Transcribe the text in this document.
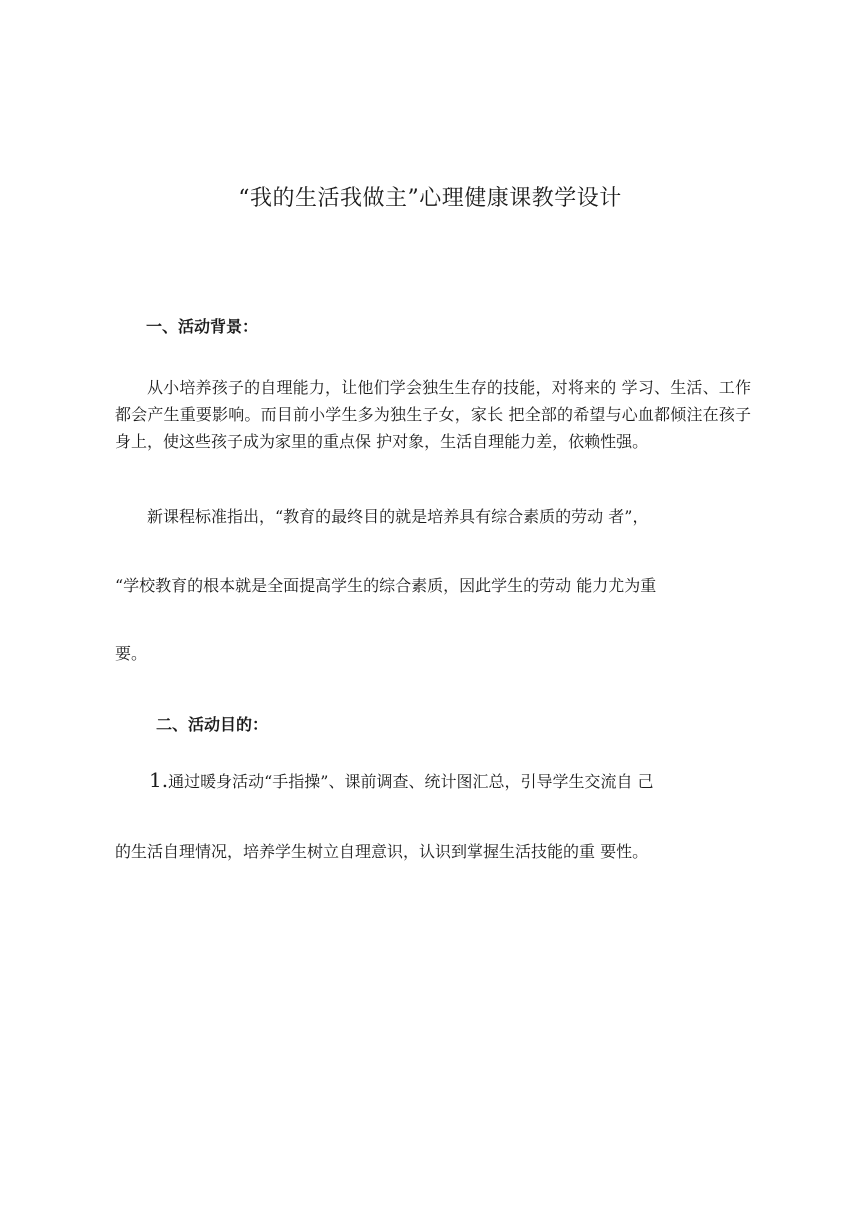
“我的生活我做主”心理健康课教学设计
一、活动背景：

从小培养孩子的自理能力，让他们学会独生生存的技能，对将来的 学习、生活、工作都会产生重要影响。而目前小学生多为独生子女，家长 把全部的希望与心血都倾注在孩子身上，使这些孩子成为家里的重点保 护对象，生活自理能力差，依赖性强。

新课程标准指出，“教育的最终目的就是培养具有综合素质的劳动 者”，

“学校教育的根本就是全面提高学生的综合素质，因此学生的劳动 能力尤为重

要。

二、活动目的：

1.通过暖身活动“手指操”、课前调查、统计图汇总，引导学生交流自 己

的生活自理情况，培养学生树立自理意识，认识到掌握生活技能的重 要性。
